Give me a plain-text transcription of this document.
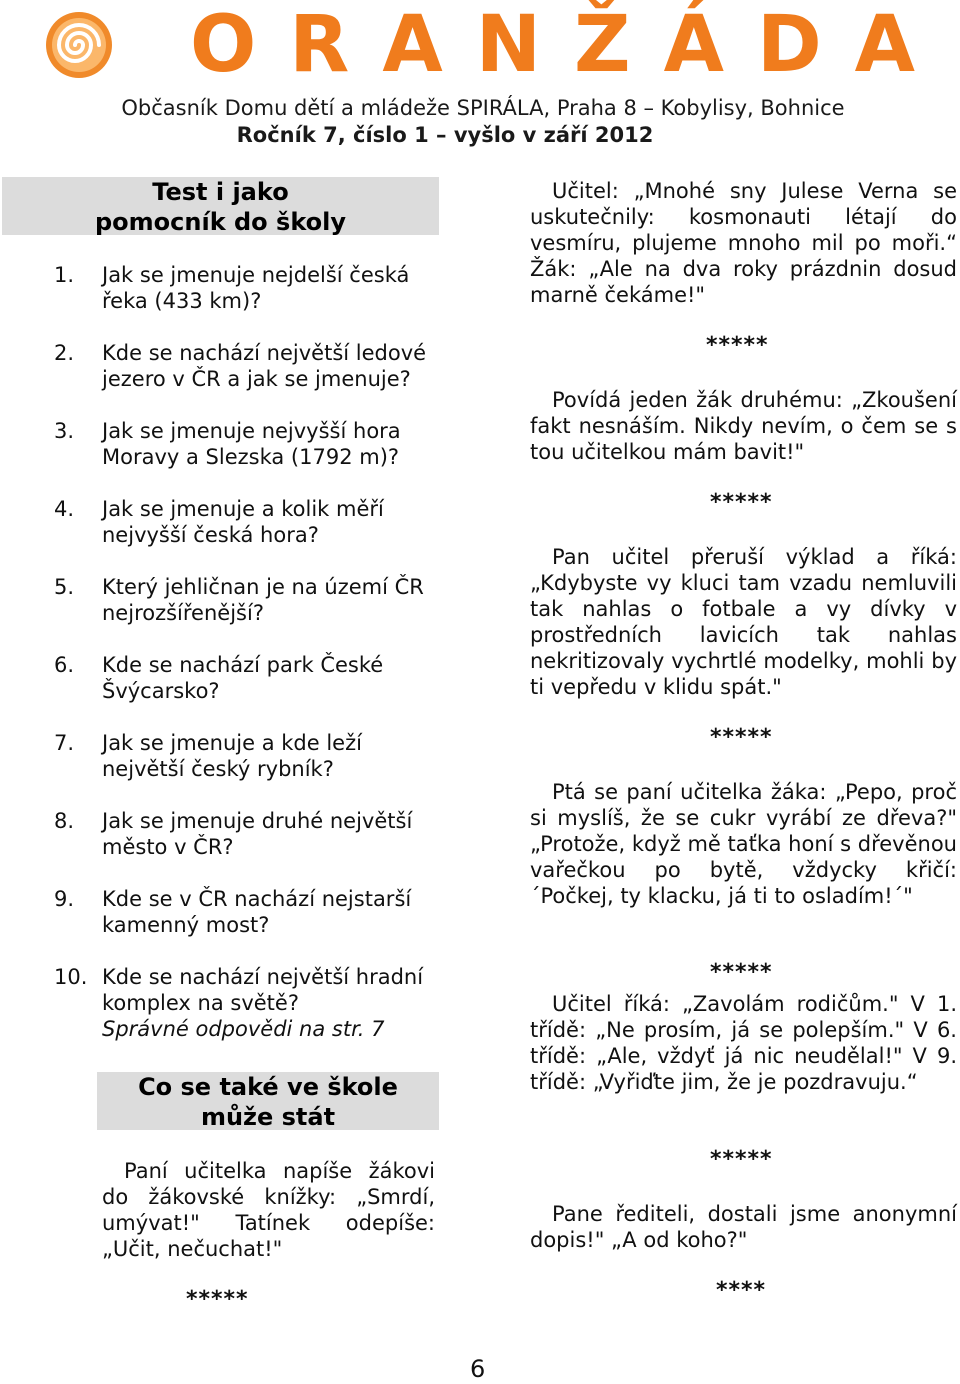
ORANŽÁDA
Občasník Domu dětí a mládeže SPIRÁLA, Praha 8 – Kobylisy, Bohnice
Ročník 7, číslo 1 – vyšlo v září 2012
Test i jako
pomocník do školy
1. Jak se jmenuje nejdelší česká řeka (433 km)?
2. Kde se nachází největší ledové jezero v ČR a jak se jmenuje?
3. Jak se jmenuje nejvyšší hora Moravy a Slezska (1792 m)?
4. Jak se jmenuje a kolik měří nejvyšší česká hora?
5. Který jehličnan je na území ČR nejrozšířenější?
6. Kde se nachází park České Švýcarsko?
7. Jak se jmenuje a kde leží největší český rybník?
8. Jak se jmenuje druhé největší město v ČR?
9. Kde se v ČR nachází nejstarší kamenný most?
10. Kde se nachází největší hradní komplex na světě?
Správné odpovědi na str. 7
Co se také ve škole
může stát

Paní učitelka napíše žákovi do žákovské knížky: „Smrdí, umývat!" Tatínek odepíše: „Učit, nečuchat!"

*****

Učitel: „Mnohé sny Julese Verna se uskutečnily: kosmonauti létají do vesmíru, plujeme mnoho mil po moři.“ Žák: „Ale na dva roky prázdnin dosud marně čekáme!"

*****

Povídá jeden žák druhému: „Zkoušení fakt nesnáším. Nikdy nevím, o čem se s tou učitelkou mám bavit!"

*****

Pan učitel přeruší výklad a říká: „Kdybyste vy kluci tam vzadu nemluvili tak nahlas o fotbale a vy dívky v prostředních lavicích tak nahlas nekritizovaly vychrtlé modelky, mohli by ti vepředu v klidu spát."

*****

Ptá se paní učitelka žáka: „Pepo, proč si myslíš, že se cukr vyrábí ze dřeva?" „Protože, když mě taťka honí s dřevěnou vařečkou po bytě, vždycky křičí: ´Počkej, ty klacku, já ti to osladím!´"

*****

Učitel říká: „Zavolám rodičům." V 1. třídě: „Ne prosím, já se polepším." V 6. třídě: „Ale, vždyť já nic neudělal!" V 9. třídě: „Vyřiďte jim, že je pozdravuju.“

*****

Pane řediteli, dostali jsme anonymní dopis!" „A od koho?"

****
6
